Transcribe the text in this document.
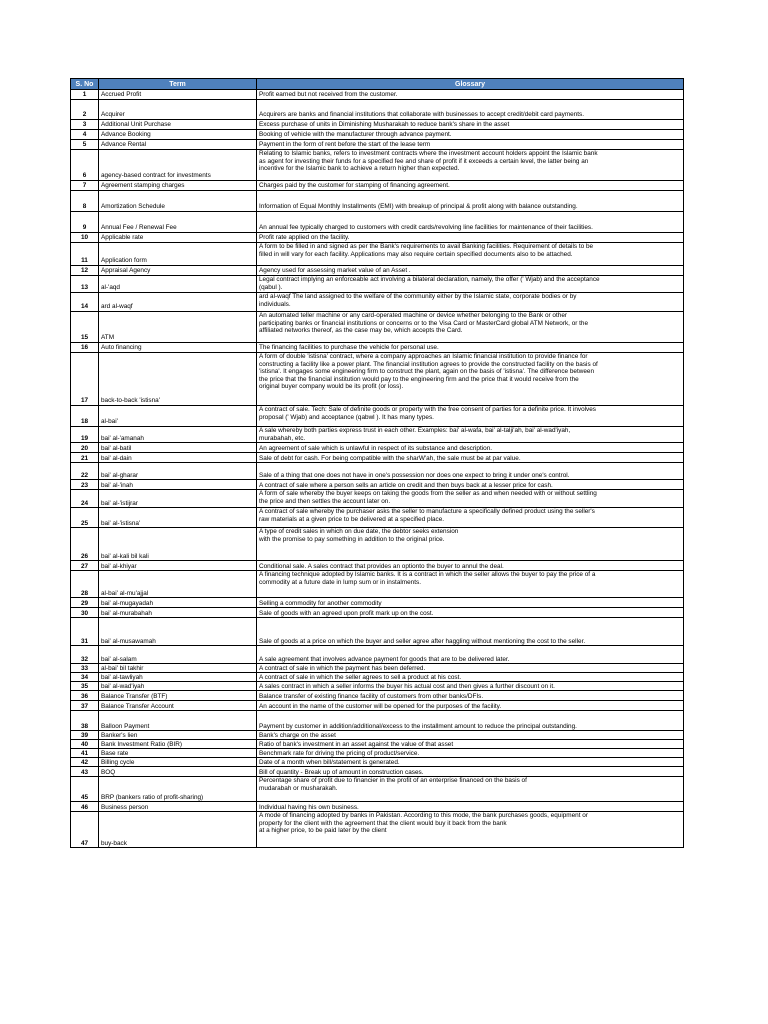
S. No	Term	Glossary
1	Accrued Profit	Profit earned but not received from the customer.

2	Acquirer	Acquirers are banks and financial institutions that collaborate with businesses to accept credit/debit card payments.

3	Additional Unit Purchase	Excess purchase of units in Diminishing Musharakah to reduce bank's share in the asset

4	Advance Booking	Booking of vehicle with the manufacturer through advance payment.

5	Advance Rental	Payment in the form of rent before the start of the lease term

6	agency-based contract for investments	Relating to Islamic banks, refers to investment contracts where the investment account holders appoint the Islamic bank
as agent for investing their funds for a specified fee and share of profit if it exceeds a certain level, the latter being an
incentive for the Islamic bank to achieve a return higher than expected.

7	Agreement stamping charges	Charges paid by the customer for stamping of financing agreement.

8	Amortization Schedule	Information of Equal Monthly Installments (EMI) with breakup of principal & profit along with balance outstanding.

9	Annual Fee / Renewal Fee	An annual fee typically charged to customers with credit cards/revolving line facilities for maintenance of their facilities.

10	Applicable rate	Profit rate applied on the facility.

11	Application form	A form to be filled in and signed as per the Bank's requirements to avail Banking facilities. Requirement of details to be
filled in will vary for each facility. Applications may also require certain specified documents also to be attached.

12	Appraisal Agency	Agency used for assessing market value of an Asset .

13	al-'aqd	Legal contract implying an enforceable act involving a bilateral declaration, namely, the offer (' Wjab) and the acceptance
(qabul ).

14	ard al-waqf	ard al-waqf The land assigned to the welfare of the community either by the Islamic state, corporate bodies or by
individuals.

15	ATM	An automated teller machine or any card-operated machine or device whether belonging to the Bank or other
participating banks or financial institutions or concerns or to the Visa Card or MasterCard global ATM Network, or the
affiliated networks thereof, as the case may be, which accepts the Card.

16	Auto financing	The financing facilities to purchase the vehicle for personal use.

17	back-to-back 'istisna'	A form of double 'istisna' contract, where a company approaches an Islamic financial institution to provide finance for
constructing a facility like a power plant. The financial institution agrees to provide the constructed facility on the basis of
'istisna'. It engages some engineering firm to construct the plant, again on the basis of 'istisna'. The difference between
the price that the financial institution would pay to the engineering firm and the price that it would receive from the
original buyer company would be its profit (or loss).

18	al-bai'	A contract of sale. Tech: Sale of definite goods or property with the free consent of parties for a definite price. It involves
proposal (' Wjab) and acceptance (qabwl ). It has many types.

19	bai' al-'amanah	A sale whereby both parties express trust in each other. Examples: bai' al-wafa, bai' al-talji'ah, bai' al-wad'iyah,
murabahah, etc.

20	bai' al-batil	An agreement of sale which is unlawful in respect of its substance and description.

21	bai' al-dain	Sale of debt for cash. For being compatible with the sharW'ah, the sale must be at par value.

22	bai' al-gharar	Sale of a thing that one does not have in one's possession nor does one expect to bring it under one's control.

23	bai' al-'inah	A contract of sale where a person sells an article on credit and then buys back at a lesser price for cash.

24	bai' al-'istijrar	A form of sale whereby the buyer keeps on taking the goods from the seller as and when needed with or without settling
the price and then settles the account later on.

25	bai' al-'istisna'	A contract of sale whereby the purchaser asks the seller to manufacture a specifically defined product using the seller's
raw materials at a given price to be delivered at a specified place.

26	bai' al-kali bil kali	A type of credit sales in which on due date, the debtor seeks extension
with the promise to pay something in addition to the original price.

27	bai' al-khiyar	Conditional sale. A sales contract that provides an optionto the buyer to annul the deal.

28	al-bai' al-mu'ajjal	A financing technique adopted by Islamic banks. It is a contract in which the seller allows the buyer to pay the price of a
commodity at a future date in lump sum or in instalments.

29	bai' al-mugayadah	Selling a commodity for another commodity

30	bai' al-murabahah	Sale of goods with an agreed upon profit mark up on the cost.

31	bai' al-musawamah	Sale of goods at a price on which the buyer and seller agree after haggling without mentioning the cost to the seller.

32	bai' al-salam	A sale agreement that involves advance payment for goods that are to be delivered later.

33	al-bai' bil takhir	A contract of sale in which the payment has been deferred.

34	bai' al-tawliyah	A contract of sale in which the seller agrees to sell a product at his cost.

35	bai' al-wad'iyah	A sales contract in which a seller informs the buyer his actual cost and then gives a further discount on it.

36	Balance Transfer (BTF)	Balance transfer of existing finance facility of customers from other banks/DFIs.

37	Balance Transfer Account	An account in the name of the customer will be opened for the purposes of the facility.

38	Balloon Payment	Payment by customer in addition/additional/excess to the installment amount to reduce the principal outstanding.

39	Banker's lien	Bank's charge on the asset

40	Bank Investment Ratio (BIR)	Ratio of bank's investment in an asset against the value of that asset

41	Base rate	Benchmark rate for driving the pricing of product/service.

42	Billing cycle	Date of a month when bill/statement is generated.

43	BOQ	Bill of quantity - Break up of amount in construction cases.

45	BRP (bankers ratio of profit-sharing)	Percentage share of profit due to financier in the profit of an enterprise financed on the basis of
mudarabah or musharakah.

46	Business person	Individual having his own business.

47	buy-back	A mode of financing adopted by banks in Pakistan. According to this mode, the bank purchases goods, equipment or
property for the client with the agreement that the client would buy it back from the bank
at a higher price, to be paid later by the client
